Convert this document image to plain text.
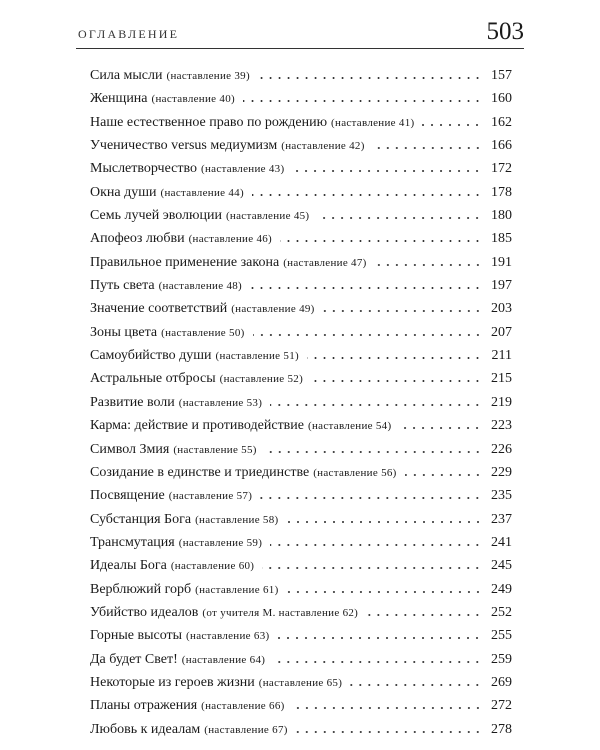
ОГЛАВЛЕНИЕ	503
Сила мысли (наставление 39)	157
Женщина (наставление 40)	160
Наше естественное право по рождению (наставление 41)	162
Ученичество versus медиумизм (наставление 42)	166
Мыслетворчество (наставление 43)	172
Окна души (наставление 44)	178
Семь лучей эволюции (наставление 45)	180
Апофеоз любви (наставление 46)	185
Правильное применение закона (наставление 47)	191
Путь света (наставление 48)	197
Значение соответствий (наставление 49)	203
Зоны цвета (наставление 50)	207
Самоубийство души (наставление 51)	211
Астральные отбросы (наставление 52)	215
Развитие воли (наставление 53)	219
Карма: действие и противодействие (наставление 54)	223
Символ Змия (наставление 55)	226
Созидание в единстве и триединстве (наставление 56)	229
Посвящение (наставление 57)	235
Субстанция Бога (наставление 58)	237
Трансмутация (наставление 59)	241
Идеалы Бога (наставление 60)	245
Верблюжий горб (наставление 61)	249
Убийство идеалов (от учителя М. наставление 62)	252
Горные высоты (наставление 63)	255
Да будет Свет! (наставление 64)	259
Некоторые из героев жизни (наставление 65)	269
Планы отражения (наставление 66)	272
Любовь к идеалам (наставление 67)	278
